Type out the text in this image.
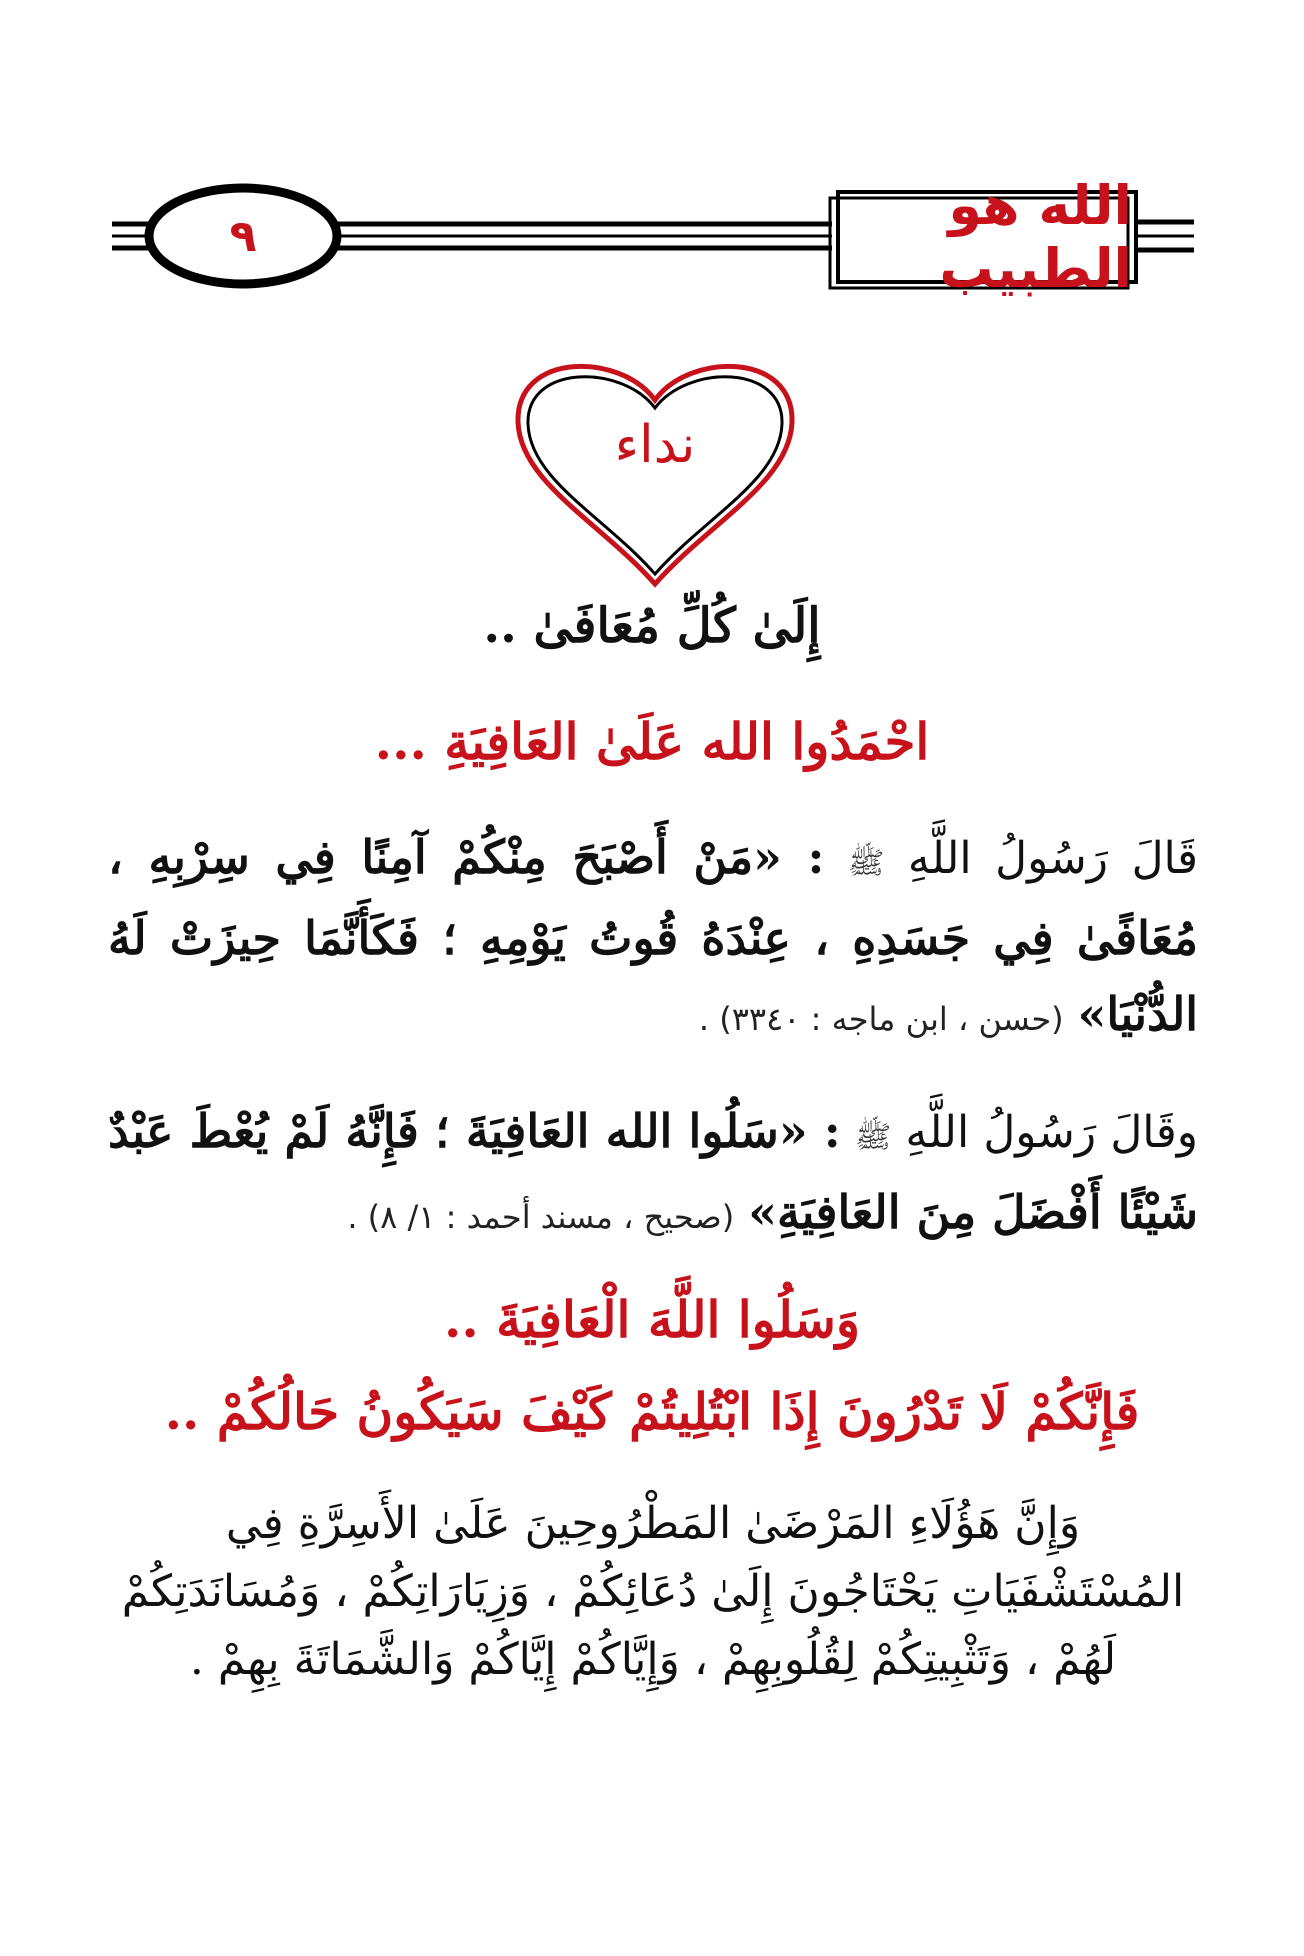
الله هو الطبيب
٩
نداء
إِلَىٰ كُلِّ مُعَافَىٰ ..
احْمَدُوا الله عَلَىٰ العَافِيَةِ ...
قَالَ رَسُولُ اللَّهِ ﷺ : «مَنْ أَصْبَحَ مِنْكُمْ آمِنًا فِي سِرْبِهِ ، مُعَافًىٰ فِي جَسَدِهِ ، عِنْدَهُ قُوتُ يَوْمِهِ ؛ فَكَأَنَّمَا حِيزَتْ لَهُ الدُّنْيَا» (حسن ، ابن ماجه : ٣٣٤٠) .
وقَالَ رَسُولُ اللَّهِ ﷺ : «سَلُوا الله العَافِيَةَ ؛ فَإِنَّهُ لَمْ يُعْطَ عَبْدٌ شَيْئًا أَفْضَلَ مِنَ العَافِيَةِ» (صحيح ، مسند أحمد : ١/ ٨) .
وَسَلُوا اللَّهَ الْعَافِيَةَ ..
فَإِنَّكُمْ لَا تَدْرُونَ إِذَا ابْتُلِيتُمْ كَيْفَ سَيَكُونُ حَالُكُمْ ..
وَإِنَّ هَؤُلَاءِ المَرْضَىٰ المَطْرُوحِينَ عَلَىٰ الأَسِرَّةِ فِي المُسْتَشْفَيَاتِ يَحْتَاجُونَ إِلَىٰ دُعَائِكُمْ ، وَزِيَارَاتِكُمْ ، وَمُسَانَدَتِكُمْ لَهُمْ ، وَتَثْبِيتِكُمْ لِقُلُوبِهِمْ ، وَإِيَّاكُمْ إِيَّاكُمْ وَالشَّمَاتَةَ بِهِمْ .
